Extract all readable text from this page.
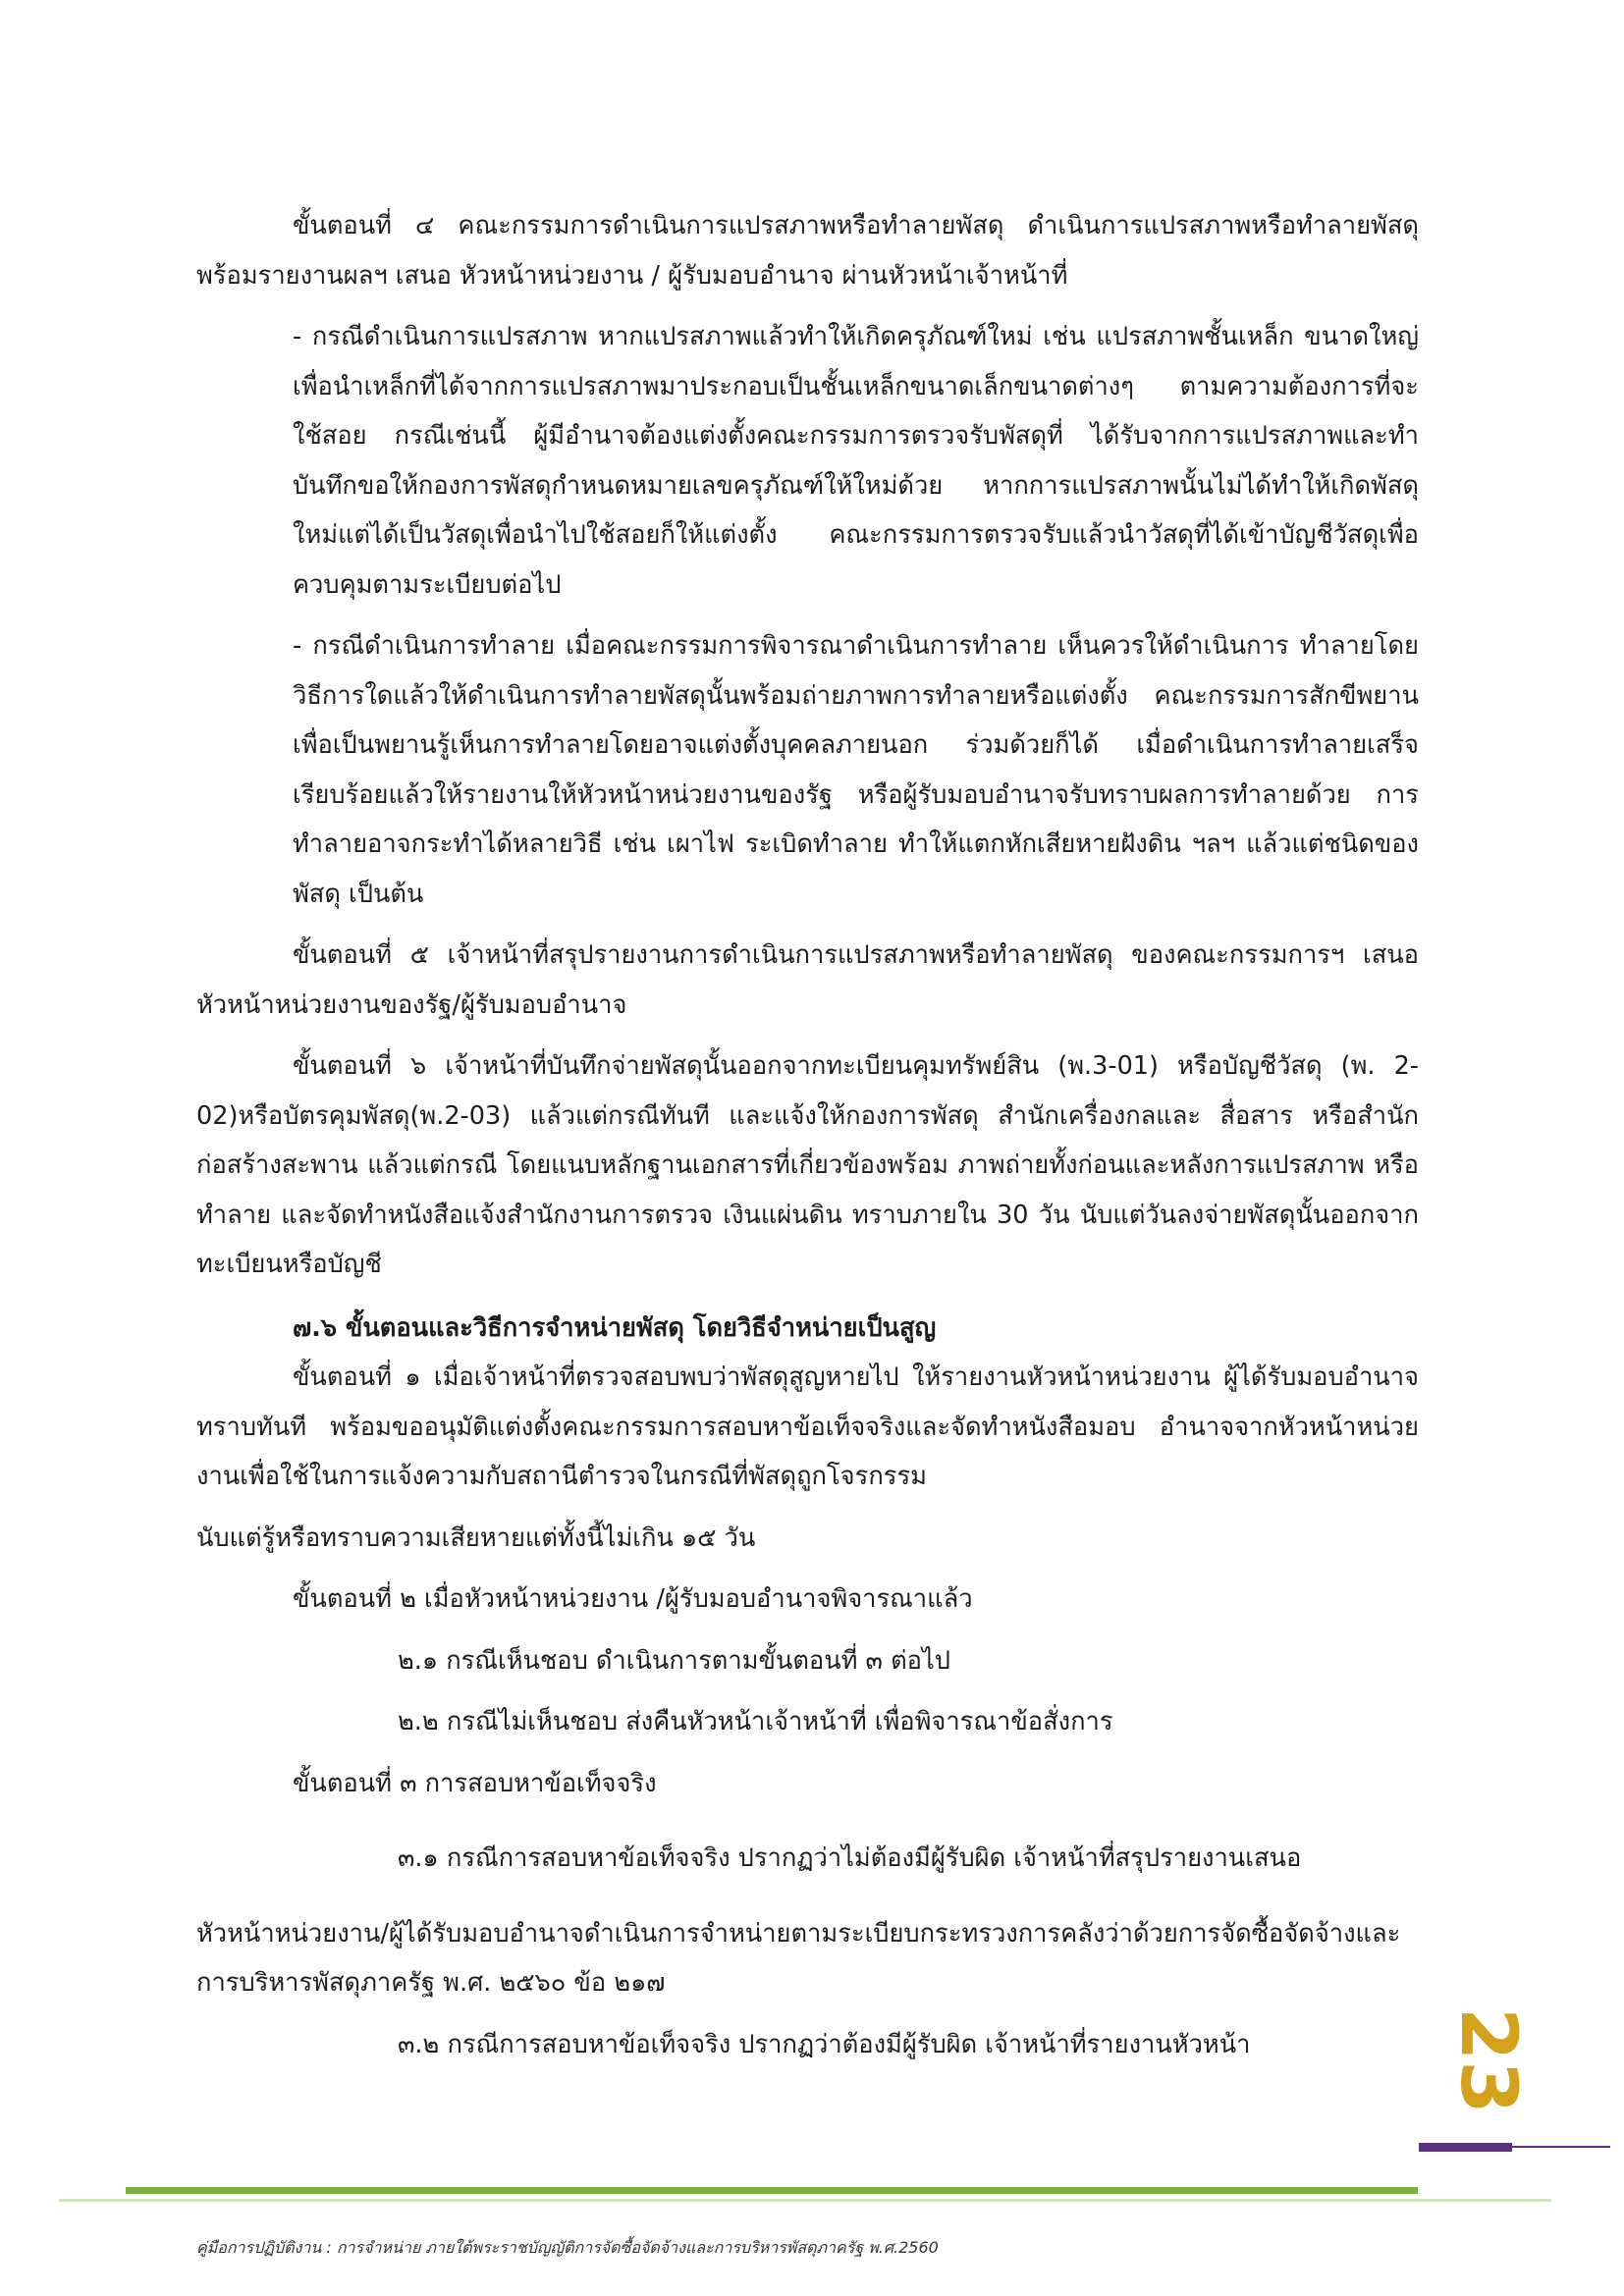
ขั้นตอนที่ ๔ คณะกรรมการดำเนินการแปรสภาพหรือทำลายพัสดุ ดำเนินการแปรสภาพหรือทำลายพัสดุ พร้อมรายงานผลฯ เสนอ หัวหน้าหน่วยงาน / ผู้รับมอบอำนาจ ผ่านหัวหน้าเจ้าหน้าที่

- กรณีดำเนินการแปรสภาพ หากแปรสภาพแล้วทำให้เกิดครุภัณฑ์ใหม่ เช่น แปรสภาพชั้นเหล็ก ขนาดใหญ่ เพื่อนำเหล็กที่ได้จากการแปรสภาพมาประกอบเป็นชั้นเหล็กขนาดเล็กขนาดต่างๆ ตามความต้องการที่จะใช้สอย กรณีเช่นนี้ ผู้มีอำนาจต้องแต่งตั้งคณะกรรมการตรวจรับพัสดุที่ ได้รับจากการแปรสภาพและทำบันทึกขอให้กองการพัสดุกำหนดหมายเลขครุภัณฑ์ให้ใหม่ด้วย หากการแปรสภาพนั้นไม่ได้ทำให้เกิดพัสดุใหม่แต่ได้เป็นวัสดุเพื่อนำไปใช้สอยก็ให้แต่งตั้ง คณะกรรมการตรวจรับแล้วนำวัสดุที่ได้เข้าบัญชีวัสดุเพื่อควบคุมตามระเบียบต่อไป

- กรณีดำเนินการทำลาย เมื่อคณะกรรมการพิจารณาดำเนินการทำลาย เห็นควรให้ดำเนินการ ทำลายโดยวิธีการใดแล้วให้ดำเนินการทำลายพัสดุนั้นพร้อมถ่ายภาพการทำลายหรือแต่งตั้ง คณะกรรมการสักขีพยานเพื่อเป็นพยานรู้เห็นการทำลายโดยอาจแต่งตั้งบุคคลภายนอก ร่วมด้วยก็ได้ เมื่อดำเนินการทำลายเสร็จเรียบร้อยแล้วให้รายงานให้หัวหน้าหน่วยงานของรัฐ หรือผู้รับมอบอำนาจรับทราบผลการทำลายด้วย การทำลายอาจกระทำได้หลายวิธี เช่น เผาไฟ ระเบิดทำลาย ทำให้แตกหักเสียหายฝังดิน ฯลฯ แล้วแต่ชนิดของพัสดุ เป็นต้น

ขั้นตอนที่ ๕ เจ้าหน้าที่สรุปรายงานการดำเนินการแปรสภาพหรือทำลายพัสดุ ของคณะกรรมการฯ เสนอหัวหน้าหน่วยงานของรัฐ/ผู้รับมอบอำนาจ

ขั้นตอนที่ ๖ เจ้าหน้าที่บันทึกจ่ายพัสดุนั้นออกจากทะเบียนคุมทรัพย์สิน (พ.3-01) หรือบัญชีวัสดุ (พ. 2-02)หรือบัตรคุมพัสดุ(พ.2-03) แล้วแต่กรณีทันที และแจ้งให้กองการพัสดุ สำนักเครื่องกลและ สื่อสาร หรือสำนักก่อสร้างสะพาน แล้วแต่กรณี โดยแนบหลักฐานเอกสารที่เกี่ยวข้องพร้อม ภาพถ่ายทั้งก่อนและหลังการแปรสภาพ หรือ ทำลาย และจัดทำหนังสือแจ้งสำนักงานการตรวจ เงินแผ่นดิน ทราบภายใน 30 วัน นับแต่วันลงจ่ายพัสดุนั้นออกจากทะเบียนหรือบัญชี

๗.๖ ขั้นตอนและวิธีการจำหน่ายพัสดุ โดยวิธีจำหน่ายเป็นสูญ

ขั้นตอนที่ ๑ เมื่อเจ้าหน้าที่ตรวจสอบพบว่าพัสดุสูญหายไป ให้รายงานหัวหน้าหน่วยงาน ผู้ได้รับมอบอำนาจทราบทันที พร้อมขออนุมัติแต่งตั้งคณะกรรมการสอบหาข้อเท็จจริงและจัดทำหนังสือมอบ อำนาจจากหัวหน้าหน่วยงานเพื่อใช้ในการแจ้งความกับสถานีตำรวจในกรณีที่พัสดุถูกโจรกรรม

นับแต่รู้หรือทราบความเสียหายแต่ทั้งนี้ไม่เกิน ๑๕ วัน

ขั้นตอนที่ ๒ เมื่อหัวหน้าหน่วยงาน /ผู้รับมอบอำนาจพิจารณาแล้ว

๒.๑ กรณีเห็นชอบ ดำเนินการตามขั้นตอนที่ ๓ ต่อไป

๒.๒ กรณีไม่เห็นชอบ ส่งคืนหัวหน้าเจ้าหน้าที่ เพื่อพิจารณาข้อสั่งการ

ขั้นตอนที่ ๓ การสอบหาข้อเท็จจริง

๓.๑ กรณีการสอบหาข้อเท็จจริง ปรากฏว่าไม่ต้องมีผู้รับผิด เจ้าหน้าที่สรุปรายงานเสนอ

หัวหน้าหน่วยงาน/ผู้ได้รับมอบอำนาจดำเนินการจำหน่ายตามระเบียบกระทรวงการคลังว่าด้วยการจัดซื้อจัดจ้างและการบริหารพัสดุภาครัฐ พ.ศ. ๒๕๖๐ ข้อ ๒๑๗

๓.๒ กรณีการสอบหาข้อเท็จจริง ปรากฏว่าต้องมีผู้รับผิด เจ้าหน้าที่รายงานหัวหน้า	23
คู่มือการปฏิบัติงาน : การจำหน่าย ภายใต้พระราชบัญญัติการจัดซื้อจัดจ้างและการบริหารพัสดุภาครัฐ พ.ศ.2560
